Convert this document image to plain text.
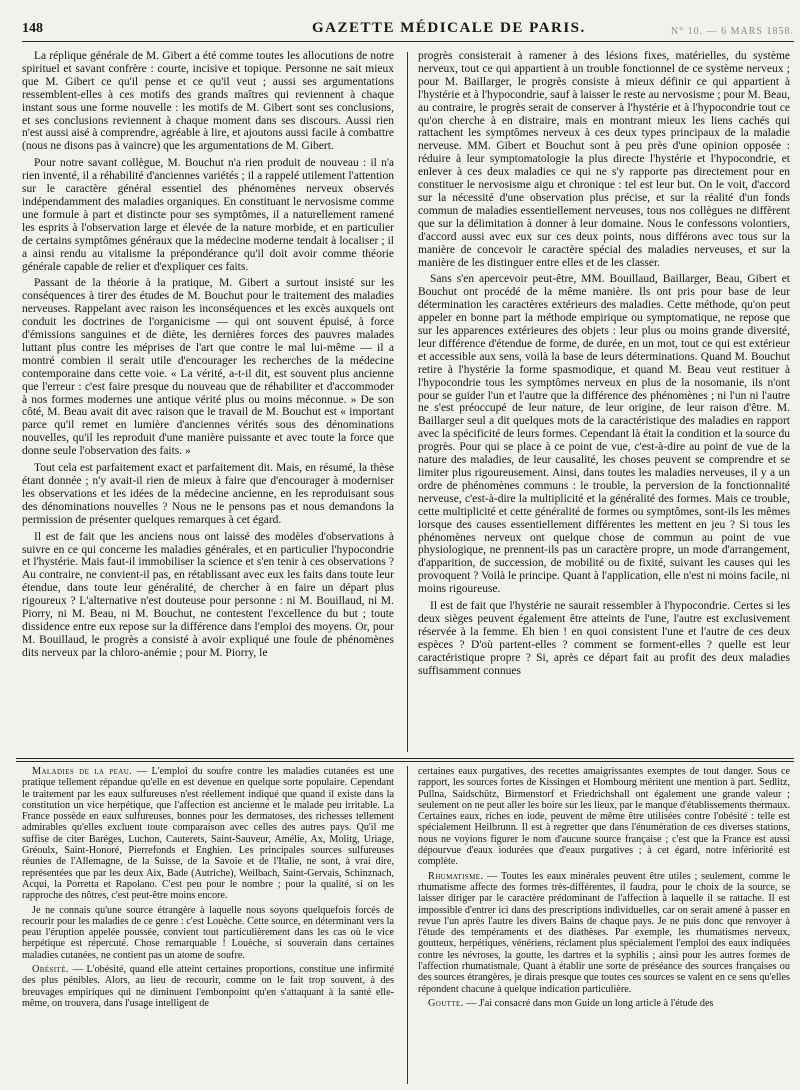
148	GAZETTE MÉDICALE DE PARIS.	N° 10. — 6 MARS 1858.

La réplique générale de M. Gibert a été comme toutes les allocutions de notre spirituel et savant confrère : courte, incisive et topique. Personne ne sait mieux que M. Gibert ce qu'il pense et ce qu'il veut ; aussi ses argumentations ressemblent-elles à ces motifs des grands maîtres qui reviennent à chaque instant sous une forme nouvelle : les motifs de M. Gibert sont ses conclusions, et ses conclusions reviennent à chaque moment dans ses discours. Aussi rien n'est aussi aisé à comprendre, agréable à lire, et ajoutons aussi facile à combattre (nous ne disons pas à vaincre) que les argumentations de M. Gibert.

Pour notre savant collègue, M. Bouchut n'a rien produit de nouveau : il n'a rien inventé, il a réhabilité d'anciennes variétés ; il a rappelé utilement l'attention sur le caractère général essentiel des phénomènes nerveux observés indépendamment des maladies organiques. En constituant le nervosisme comme une formule à part et distincte pour ses symptômes, il a naturellement ramené les esprits à l'observation large et élevée de la nature morbide, et en particulier de certains symptômes généraux que la médecine moderne tendait à localiser ; il a ainsi rendu au vitalisme la prépondérance qu'il doit avoir comme théorie générale capable de relier et d'expliquer ces faits.

Passant de la théorie à la pratique, M. Gibert a surtout insisté sur les conséquences à tirer des études de M. Bouchut pour le traitement des maladies nerveuses. Rappelant avec raison les inconséquences et les excès auxquels ont conduit les doctrines de l'organicisme — qui ont souvent épuisé, à force d'émissions sanguines et de diète, les dernières forces des pauvres malades luttant plus contre les méprises de l'art que contre le mal lui-même — il a montré combien il serait utile d'encourager les recherches de la médecine contemporaine dans cette voie. « La vérité, a-t-il dit, est souvent plus ancienne que l'erreur : c'est faire presque du nouveau que de réhabiliter et d'accommoder à nos formes modernes une antique vérité plus ou moins méconnue. » De son côté, M. Beau avait dit avec raison que le travail de M. Bouchut est « important parce qu'il remet en lumière d'anciennes vérités sous des dénominations nouvelles, qu'il les reproduit d'une manière puissante et avec toute la force que donne seule l'observation des faits. »

Tout cela est parfaitement exact et parfaitement dit. Mais, en résumé, la thèse étant donnée ; n'y avait-il rien de mieux à faire que d'encourager à moderniser les observations et les idées de la médecine ancienne, en les reproduisant sous des dénominations nouvelles ? Nous ne le pensons pas et nous demandons la permission de présenter quelques remarques à cet égard.

Il est de fait que les anciens nous ont laissé des modèles d'observations à suivre en ce qui concerne les maladies générales, et en particulier l'hypocondrie et l'hystérie. Mais faut-il immobiliser la science et s'en tenir à ces observations ? Au contraire, ne convient-il pas, en rétablissant avec eux les faits dans toute leur étendue, dans toute leur généralité, de chercher à en faire un départ plus rigoureux ? L'alternative n'est douteuse pour personne : ni M. Bouillaud, ni M. Piorry, ni M. Beau, ni M. Bouchut, ne contestent l'excellence du but ; toute dissidence entre eux repose sur la différence dans l'emploi des moyens. Or, pour M. Bouillaud, le progrès a consisté à avoir expliqué une foule de phénomènes dits nerveux par la chloro-anémie ; pour M. Piorry, le

progrès consisterait à ramener à des lésions fixes, matérielles, du système nerveux, tout ce qui appartient à un trouble fonctionnel de ce système nerveux ; pour M. Baillarger, le progrès consiste à mieux définir ce qui appartient à l'hystérie et à l'hypocondrie, sauf à laisser le reste au nervosisme ; pour M. Beau, au contraire, le progrès serait de conserver à l'hystérie et à l'hypocondrie tout ce qu'on cherche à en distraire, mais en montrant mieux les liens cachés qui rattachent les symptômes nerveux à ces deux types principaux de la maladie nerveuse. MM. Gibert et Bouchut sont à peu près d'une opinion opposée : réduire à leur symptomatologie la plus directe l'hystérie et l'hypocondrie, et enlever à ces deux maladies ce qui ne s'y rapporte pas directement pour en constituer le nervosisme aigu et chronique : tel est leur but. On le voit, d'accord sur la nécessité d'une observation plus précise, et sur la réalité d'un fonds commun de maladies essentiellement nerveuses, tous nos collègues ne diffèrent que sur la délimitation à donner à leur domaine. Nous le confessons volontiers, d'accord aussi avec eux sur ces deux points, nous différons avec tous sur la manière de concevoir le caractère spécial des maladies nerveuses, et sur la manière de les distinguer entre elles et de les classer.

Sans s'en apercevoir peut-être, MM. Bouillaud, Baillarger, Beau, Gibert et Bouchut ont procédé de la même manière. Ils ont pris pour base de leur détermination les caractères extérieurs des maladies. Cette méthode, qu'on peut appeler en bonne part la méthode empirique ou symptomatique, ne repose que sur les apparences extérieures des objets : leur plus ou moins grande diversité, leur différence d'étendue de forme, de durée, en un mot, tout ce qui est extérieur et accessible aux sens, voilà la base de leurs déterminations. Quand M. Bouchut retire à l'hystérie la forme spasmodique, et quand M. Beau veut restituer à l'hypocondrie tous les symptômes nerveux en plus de la nosomanie, ils n'ont pour se guider l'un et l'autre que la différence des phénomènes ; ni l'un ni l'autre ne s'est préoccupé de leur nature, de leur origine, de leur raison d'être. M. Baillarger seul a dit quelques mots de la caractéristique des maladies en rapport avec la spécificité de leurs formes. Cependant là était la condition et la source du progrès. Pour qui se place à ce point de vue, c'est-à-dire au point de vue de la nature des maladies, de leur causalité, les choses peuvent se comprendre et se limiter plus rigoureusement. Ainsi, dans toutes les maladies nerveuses, il y a un ordre de phénomènes communs : le trouble, la perversion de la fonctionnalité nerveuse, c'est-à-dire la multiplicité et la généralité des formes. Mais ce trouble, cette multiplicité et cette généralité de formes ou symptômes, sont-ils les mêmes lorsque des causes essentiellement différentes les mettent en jeu ? Si tous les phénomènes nerveux ont quelque chose de commun au point de vue physiologique, ne prennent-ils pas un caractère propre, un mode d'arrangement, d'apparition, de succession, de mobilité ou de fixité, suivant les causes qui les provoquent ? Voilà le principe. Quant à l'application, elle n'est ni moins facile, ni moins rigoureuse.

Il est de fait que l'hystérie ne saurait ressembler à l'hypocondrie. Certes si les deux sièges peuvent également être atteints de l'une, l'autre est exclusivement réservée à la femme. Eh bien ! en quoi consistent l'une et l'autre de ces deux espèces ? D'où partent-elles ? comment se forment-elles ? quelle est leur caractéristique propre ? Si, après ce départ fait au profit des deux maladies suffisamment connues

Maladies de la peau. — L'emploi du soufre contre les maladies cutanées est une pratique tellement répandue qu'elle en est devenue en quelque sorte populaire. Cependant le traitement par les eaux sulfureuses n'est réellement indiqué que quand il existe dans la constitution un vice herpétique, que l'affection est ancienne et le malade peu irritable. La France possède en eaux sulfureuses, bonnes pour les dermatoses, des richesses tellement admirables qu'elles excluent toute comparaison avec celles des autres pays. Qu'il me suffise de citer Baréges, Luchon, Cauterets, Saint-Sauveur, Amélie, Ax, Molitg, Uriage, Gréoulx, Saint-Honoré, Pierrefonds et Enghien. Les principales sources sulfureuses réunies de l'Allemagne, de la Suisse, de la Savoie et de l'Italie, ne sont, à vrai dire, représentées que par les deux Aix, Bade (Autriche), Weilbach, Saint-Gervais, Schinznach, Acqui, la Porretta et Rapolano. C'est peu pour le nombre ; pour la qualité, si on les rapproche des nôtres, c'est peut-être moins encore.

Je ne connais qu'une source étrangère à laquelle nous soyons quelquefois forcés de recourir pour les maladies de ce genre : c'est Louèche. Cette source, en déterminant vers la peau l'éruption appelée poussée, convient tout particulièrement dans les cas où le vice herpétique est répercuté. Chose remarquable ! Louèche, si souverain dans certaines maladies cutanées, ne contient pas un atome de soufre.

Obésité. — L'obésité, quand elle atteint certaines proportions, constitue une infirmité des plus pénibles. Alors, au lieu de recourir, comme on le fait trop souvent, à des breuvages empiriques qui ne diminuent l'embonpoint qu'en s'attaquant à la santé elle-même, on trouvera, dans l'usage intelligent de

certaines eaux purgatives, des recettes amaigrissantes exemptes de tout danger. Sous ce rapport, les sources fortes de Kissingen et Hombourg méritent une mention à part. Sedlitz, Pullna, Saidschütz, Birmenstorf et Friedrichshall ont également une grande valeur ; seulement on ne peut aller les boire sur les lieux, par le manque d'établissements thermaux. Certaines eaux, riches en iode, peuvent de même être utilisées contre l'obésité : telle est spécialement Heilbrunn. Il est à regretter que dans l'énumération de ces diverses stations, nous ne voyions figurer le nom d'aucune source française ; c'est que la France est aussi dépourvue d'eaux iodurées que d'eaux purgatives ; à cet égard, notre infériorité est complète.

Rhumatisme. — Toutes les eaux minérales peuvent être utiles ; seulement, comme le rhumatisme affecte des formes très-différentes, il faudra, pour le choix de la source, se laisser diriger par le caractère prédominant de l'affection à laquelle il se rattache. Il est impossible d'entrer ici dans des prescriptions individuelles, car on serait amené à passer en revue l'un après l'autre les divers Bains de chaque pays. Je ne puis donc que renvoyer à l'étude des tempéraments et des diathèses. Par exemple, les rhumatismes nerveux, goutteux, herpétiques, vénériens, réclament plus spécialement l'emploi des eaux indiquées contre les névroses, la goutte, les dartres et la syphilis ; ainsi pour les autres formes de l'affection rhumatismale. Quant à établir une sorte de préséance des sources françaises ou des sources étrangères, je dirais presque que toutes ces sources se valent en ce sens qu'elles répondent chacune à quelque indication particulière.

Goutte. — J'ai consacré dans mon Guide un long article à l'étude des
